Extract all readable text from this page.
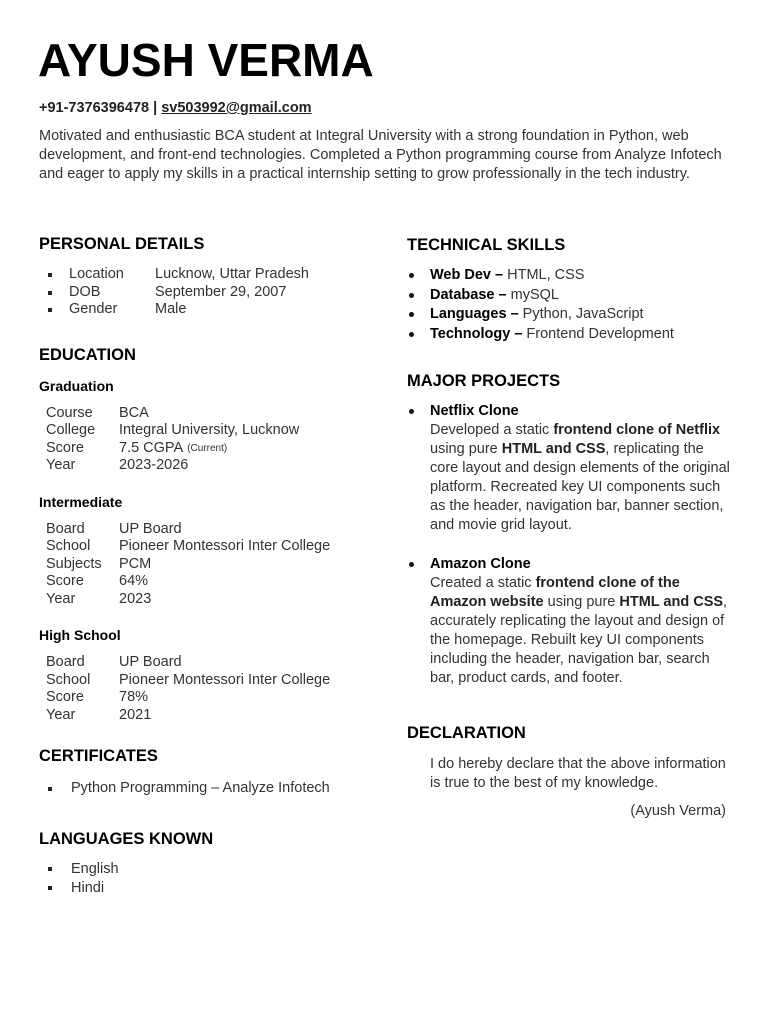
AYUSH VERMA
+91-7376396478 | sv503992@gmail.com

Motivated and enthusiastic BCA student at Integral University with a strong foundation in Python, web development, and front-end technologies. Completed a Python programming course from Analyze Infotech and eager to apply my skills in a practical internship setting to grow professionally in the tech industry.

PERSONAL DETAILS
Location	Lucknow, Uttar Pradesh
DOB	September 29, 2007
Gender	Male
EDUCATION
Graduation
Course	BCA
College	Integral University, Lucknow
Score	7.5 CGPA (Current)
Year	2023-2026
Intermediate
Board	UP Board
School	Pioneer Montessori Inter College
Subjects	PCM
Score	64%
Year	2023
High School
Board	UP Board
School	Pioneer Montessori Inter College
Score	78%
Year	2021
CERTIFICATES
Python Programming – Analyze Infotech
LANGUAGES KNOWN
English
Hindi
TECHNICAL SKILLS
Web Dev – HTML, CSS
Database – mySQL
Languages – Python, JavaScript
Technology – Frontend Development
MAJOR PROJECTS
Netflix Clone
Developed a static frontend clone of Netflix using pure HTML and CSS, replicating the core layout and design elements of the original platform. Recreated key UI components such as the header, navigation bar, banner section, and movie grid layout.
Amazon Clone
Created a static frontend clone of the Amazon website using pure HTML and CSS, accurately replicating the layout and design of the homepage. Rebuilt key UI components including the header, navigation bar, search bar, product cards, and footer.
DECLARATION

I do hereby declare that the above information is true to the best of my knowledge.

(Ayush Verma)
